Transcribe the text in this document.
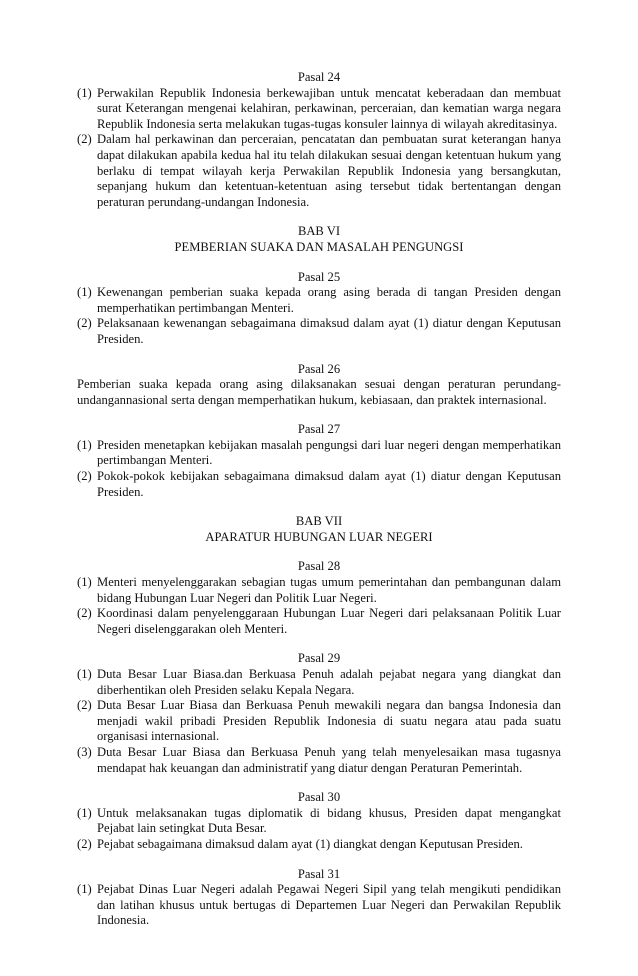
Pasal 24

(1) Perwakilan Republik Indonesia berkewajiban untuk mencatat keberadaan dan membuat surat Keterangan mengenai kelahiran, perkawinan, perceraian, dan kematian warga negara Republik Indonesia serta melakukan tugas-tugas konsuler lainnya di wilayah akreditasinya.
(2) Dalam hal perkawinan dan perceraian, pencatatan dan pembuatan surat keterangan hanya dapat dilakukan apabila kedua hal itu telah dilakukan sesuai dengan ketentuan hukum yang berlaku di tempat wilayah kerja Perwakilan Republik Indonesia yang bersangkutan, sepanjang hukum dan ketentuan-ketentuan asing tersebut tidak bertentangan dengan peraturan perundang-undangan Indonesia.

BAB VI

PEMBERIAN SUAKA DAN MASALAH PENGUNGSI

Pasal 25

(1) Kewenangan pemberian suaka kepada orang asing berada di tangan Presiden dengan memperhatikan pertimbangan Menteri.
(2) Pelaksanaan kewenangan sebagaimana dimaksud dalam ayat (1) diatur dengan Keputusan Presiden.

Pasal 26

Pemberian suaka kepada orang asing dilaksanakan sesuai dengan peraturan perundang-undangannasional serta dengan memperhatikan hukum, kebiasaan, dan praktek internasional.

Pasal 27

(1) Presiden menetapkan kebijakan masalah pengungsi dari luar negeri dengan memperhatikan pertimbangan Menteri.
(2) Pokok-pokok kebijakan sebagaimana dimaksud dalam ayat (1) diatur dengan Keputusan Presiden.

BAB VII

APARATUR HUBUNGAN LUAR NEGERI

Pasal 28

(1) Menteri menyelenggarakan sebagian tugas umum pemerintahan dan pembangunan dalam bidang Hubungan Luar Negeri dan Politik Luar Negeri.
(2) Koordinasi dalam penyelenggaraan Hubungan Luar Negeri dari pelaksanaan Politik Luar Negeri diselenggarakan oleh Menteri.

Pasal 29

(1) Duta Besar Luar Biasa.dan Berkuasa Penuh adalah pejabat negara yang diangkat dan diberhentikan oleh Presiden selaku Kepala Negara.
(2) Duta Besar Luar Biasa dan Berkuasa Penuh mewakili negara dan bangsa Indonesia dan menjadi wakil pribadi Presiden Republik Indonesia di suatu negara atau pada suatu organisasi internasional.
(3) Duta Besar Luar Biasa dan Berkuasa Penuh yang telah menyelesaikan masa tugasnya mendapat hak keuangan dan administratif yang diatur dengan Peraturan Pemerintah.

Pasal 30

(1) Untuk melaksanakan tugas diplomatik di bidang khusus, Presiden dapat mengangkat Pejabat lain setingkat Duta Besar.
(2) Pejabat sebagaimana dimaksud dalam ayat (1) diangkat dengan Keputusan Presiden.

Pasal 31

(1) Pejabat Dinas Luar Negeri adalah Pegawai Negeri Sipil yang telah mengikuti pendidikan dan latihan khusus untuk bertugas di Departemen Luar Negeri dan Perwakilan Republik Indonesia.
